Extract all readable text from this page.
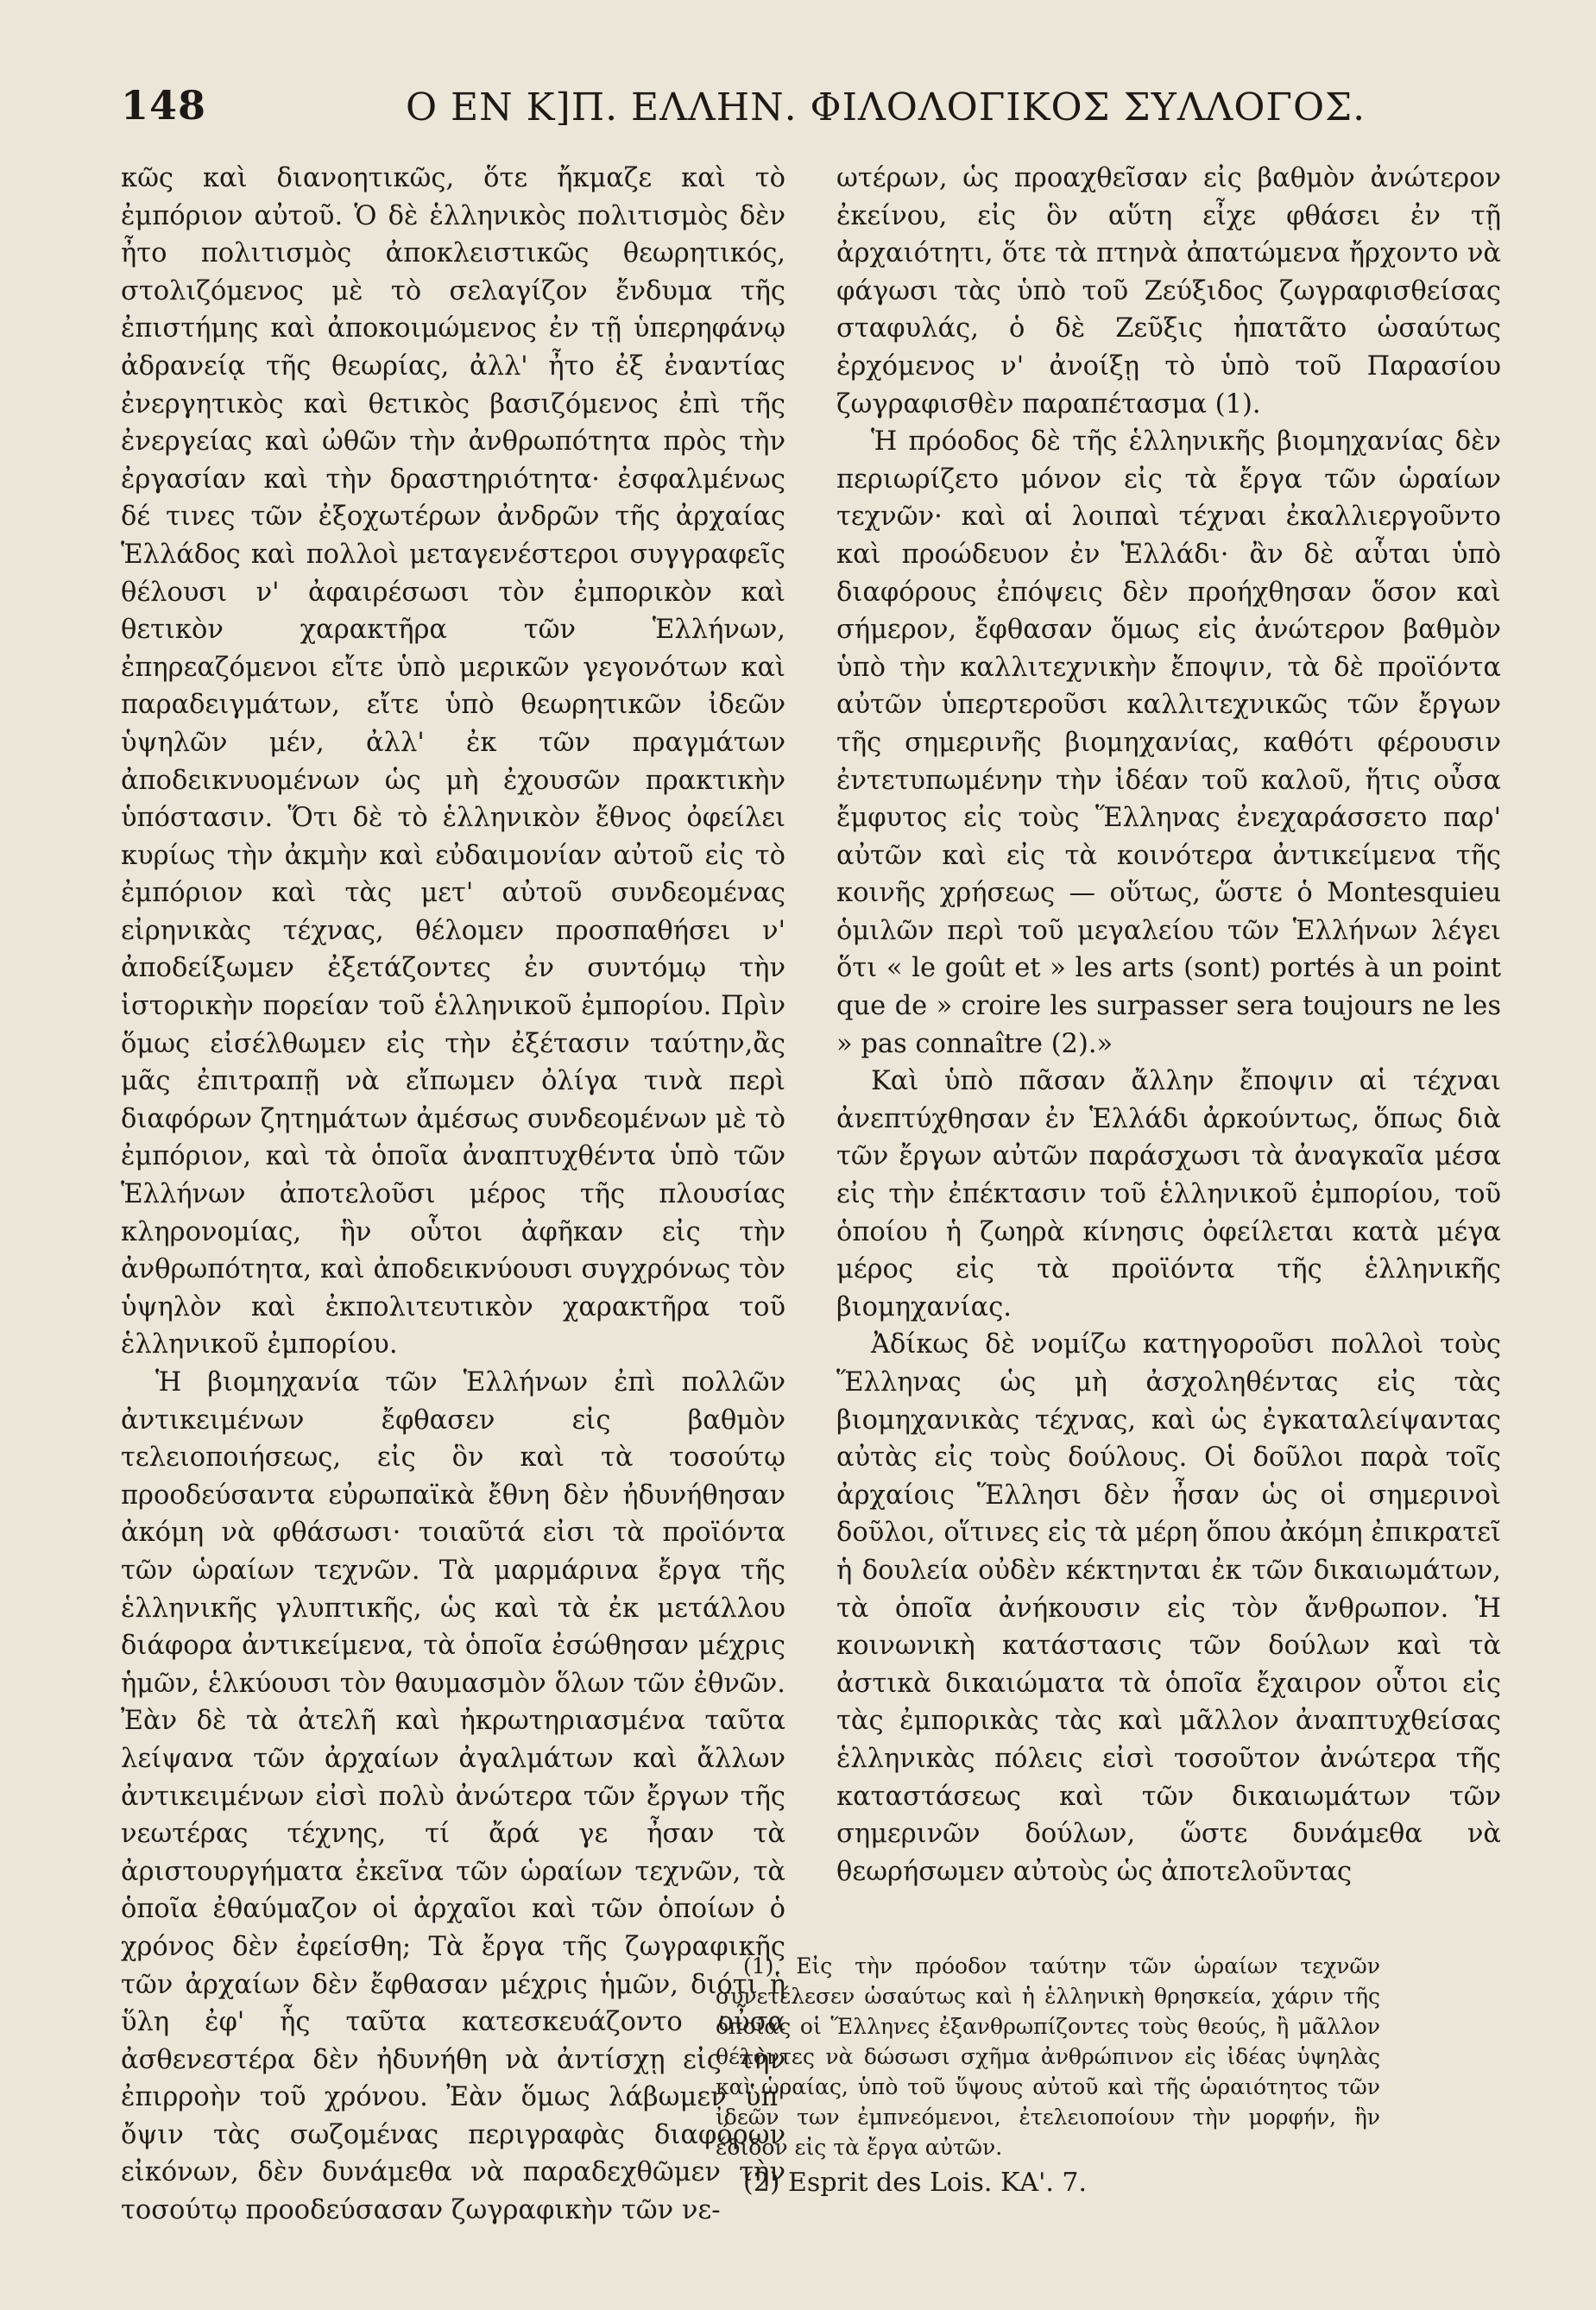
148	Ο ΕΝ Κ]Π. ΕΛΛΗΝ. ΦΙΛΟΛΟΓΙΚΟΣ ΣΥΛΛΟΓΟΣ.

κῶς καὶ διανοητικῶς, ὅτε ἤκμαζε καὶ τὸ ἐμπόριον αὐτοῦ. Ὁ δὲ ἑλληνικὸς πολιτισμὸς δὲν ἦτο πολιτισμὸς ἀποκλειστικῶς θεωρητικός, στολιζόμενος μὲ τὸ σελαγίζον ἔνδυμα τῆς ἐπιστήμης καὶ ἀποκοιμώμενος ἐν τῇ ὑπερηφάνῳ ἀδρανείᾳ τῆς θεωρίας, ἀλλ' ἦτο ἐξ ἐναντίας ἐνεργητικὸς καὶ θετικὸς βασιζόμενος ἐπὶ τῆς ἐνεργείας καὶ ὠθῶν τὴν ἀνθρωπότητα πρὸς τὴν ἐργασίαν καὶ τὴν δραστηριότητα· ἐσφαλμένως δέ τινες τῶν ἐξοχωτέρων ἀνδρῶν τῆς ἀρχαίας Ἑλλάδος καὶ πολλοὶ μεταγενέστεροι συγγραφεῖς θέλουσι ν' ἀφαιρέσωσι τὸν ἐμπορικὸν καὶ θετικὸν χαρακτῆρα τῶν Ἑλλήνων, ἐπηρεαζόμενοι εἴτε ὑπὸ μερικῶν γεγονότων καὶ παραδειγμάτων, εἴτε ὑπὸ θεωρητικῶν ἰδεῶν ὑψηλῶν μέν, ἀλλ' ἐκ τῶν πραγμάτων ἀποδεικνυομένων ὡς μὴ ἐχουσῶν πρακτικὴν ὑπόστασιν. Ὅτι δὲ τὸ ἑλληνικὸν ἔθνος ὀφείλει κυρίως τὴν ἀκμὴν καὶ εὐδαιμονίαν αὐτοῦ εἰς τὸ ἐμπόριον καὶ τὰς μετ' αὐτοῦ συνδεομένας εἰρηνικὰς τέχνας, θέλομεν προσπαθήσει ν' ἀποδείξωμεν ἐξετάζοντες ἐν συντόμῳ τὴν ἱστορικὴν πορείαν τοῦ ἑλληνικοῦ ἐμπορίου. Πρὶν ὅμως εἰσέλθωμεν εἰς τὴν ἐξέτασιν ταύτην,ἂς μᾶς ἐπιτραπῇ νὰ εἴπωμεν ὀλίγα τινὰ περὶ διαφόρων ζητημάτων ἀμέσως συνδεομένων μὲ τὸ ἐμπόριον, καὶ τὰ ὁποῖα ἀναπτυχθέντα ὑπὸ τῶν Ἑλλήνων ἀποτελοῦσι μέρος τῆς πλουσίας κληρονομίας, ἣν οὗτοι ἀφῆκαν εἰς τὴν ἀνθρωπότητα, καὶ ἀποδεικνύουσι συγχρόνως τὸν ὑψηλὸν καὶ ἐκπολιτευτικὸν χαρακτῆρα τοῦ ἑλληνικοῦ ἐμπορίου.

Ἡ βιομηχανία τῶν Ἑλλήνων ἐπὶ πολλῶν ἀντικειμένων ἔφθασεν εἰς βαθμὸν τελειοποιήσεως, εἰς ὃν καὶ τὰ τοσούτῳ προοδεύσαντα εὐρωπαϊκὰ ἔθνη δὲν ἠδυνήθησαν ἀκόμη νὰ φθάσωσι· τοιαῦτά εἰσι τὰ προϊόντα τῶν ὡραίων τεχνῶν. Τὰ μαρμάρινα ἔργα τῆς ἑλληνικῆς γλυπτικῆς, ὡς καὶ τὰ ἐκ μετάλλου διάφορα ἀντικείμενα, τὰ ὁποῖα ἐσώθησαν μέχρις ἡμῶν, ἑλκύουσι τὸν θαυμασμὸν ὅλων τῶν ἐθνῶν. Ἐὰν δὲ τὰ ἀτελῆ καὶ ἠκρωτηριασμένα ταῦτα λείψανα τῶν ἀρχαίων ἀγαλμάτων καὶ ἄλλων ἀντικειμένων εἰσὶ πολὺ ἀνώτερα τῶν ἔργων τῆς νεωτέρας τέχνης, τί ἄρά γε ἦσαν τὰ ἀριστουργήματα ἐκεῖνα τῶν ὡραίων τεχνῶν, τὰ ὁποῖα ἐθαύμαζον οἱ ἀρχαῖοι καὶ τῶν ὁποίων ὁ χρόνος δὲν ἐφείσθη; Τὰ ἔργα τῆς ζωγραφικῆς τῶν ἀρχαίων δὲν ἔφθασαν μέχρις ἡμῶν, διότι ἡ ὕλη ἐφ' ἧς ταῦτα κατεσκευάζοντο οὖσα ἀσθενεστέρα δὲν ἠδυνήθη νὰ ἀντίσχῃ εἰς τὴν ἐπιρροὴν τοῦ χρόνου. Ἐὰν ὅμως λάβωμεν ὑπ' ὄψιν τὰς σωζομένας περιγραφὰς διαφόρων εἰκόνων, δὲν δυνάμεθα νὰ παραδεχθῶμεν τὴν τοσούτῳ προοδεύσασαν ζωγραφικὴν τῶν νε-

ωτέρων, ὡς προαχθεῖσαν εἰς βαθμὸν ἀνώτερον ἐκείνου, εἰς ὃν αὕτη εἶχε φθάσει ἐν τῇ ἀρχαιότητι, ὅτε τὰ πτηνὰ ἀπατώμενα ἤρχοντο νὰ φάγωσι τὰς ὑπὸ τοῦ Ζεύξιδος ζωγραφισθείσας σταφυλάς, ὁ δὲ Ζεῦξις ἠπατᾶτο ὡσαύτως ἐρχόμενος ν' ἀνοίξῃ τὸ ὑπὸ τοῦ Παρασίου ζωγραφισθὲν παραπέτασμα (1).

Ἡ πρόοδος δὲ τῆς ἑλληνικῆς βιομηχανίας δὲν περιωρίζετο μόνον εἰς τὰ ἔργα τῶν ὡραίων τεχνῶν· καὶ αἱ λοιπαὶ τέχναι ἐκαλλιεργοῦντο καὶ προώδευον ἐν Ἑλλάδι· ἂν δὲ αὗται ὑπὸ διαφόρους ἐπόψεις δὲν προήχθησαν ὅσον καὶ σήμερον, ἔφθασαν ὅμως εἰς ἀνώτερον βαθμὸν ὑπὸ τὴν καλλιτεχνικὴν ἔποψιν, τὰ δὲ προϊόντα αὐτῶν ὑπερτεροῦσι καλλιτεχνικῶς τῶν ἔργων τῆς σημερινῆς βιομηχανίας, καθότι φέρουσιν ἐντετυπωμένην τὴν ἰδέαν τοῦ καλοῦ, ἥτις οὖσα ἔμφυτος εἰς τοὺς Ἕλληνας ἐνεχαράσσετο παρ' αὐτῶν καὶ εἰς τὰ κοινότερα ἀντικείμενα τῆς κοινῆς χρήσεως — οὕτως, ὥστε ὁ Montesquieu ὁμιλῶν περὶ τοῦ μεγαλείου τῶν Ἑλλήνων λέγει ὅτι « le goût et » les arts (sont) portés à un point que de » croire les surpasser sera toujours ne les » pas connaître (2).»

Καὶ ὑπὸ πᾶσαν ἄλλην ἔποψιν αἱ τέχναι ἀνεπτύχθησαν ἐν Ἑλλάδι ἀρκούντως, ὅπως διὰ τῶν ἔργων αὐτῶν παράσχωσι τὰ ἀναγκαῖα μέσα εἰς τὴν ἐπέκτασιν τοῦ ἑλληνικοῦ ἐμπορίου, τοῦ ὁποίου ἡ ζωηρὰ κίνησις ὀφείλεται κατὰ μέγα μέρος εἰς τὰ προϊόντα τῆς ἑλληνικῆς βιομηχανίας.

Ἀδίκως δὲ νομίζω κατηγοροῦσι πολλοὶ τοὺς Ἕλληνας ὡς μὴ ἀσχοληθέντας εἰς τὰς βιομηχανικὰς τέχνας, καὶ ὡς ἐγκαταλείψαντας αὐτὰς εἰς τοὺς δούλους. Οἱ δοῦλοι παρὰ τοῖς ἀρχαίοις Ἕλλησι δὲν ἦσαν ὡς οἱ σημερινοὶ δοῦλοι, οἵτινες εἰς τὰ μέρη ὅπου ἀκόμη ἐπικρατεῖ ἡ δουλεία οὐδὲν κέκτηνται ἐκ τῶν δικαιωμάτων, τὰ ὁποῖα ἀνήκουσιν εἰς τὸν ἄνθρωπον. Ἡ κοινωνικὴ κατάστασις τῶν δούλων καὶ τὰ ἀστικὰ δικαιώματα τὰ ὁποῖα ἔχαιρον οὗτοι εἰς τὰς ἐμπορικὰς τὰς καὶ μᾶλλον ἀναπτυχθείσας ἑλληνικὰς πόλεις εἰσὶ τοσοῦτον ἀνώτερα τῆς καταστάσεως καὶ τῶν δικαιωμάτων τῶν σημερινῶν δούλων, ὥστε δυνάμεθα νὰ θεωρήσωμεν αὐτοὺς ὡς ἀποτελοῦντας

(1) Εἰς τὴν πρόοδον ταύτην τῶν ὡραίων τεχνῶν συνετέλεσεν ὡσαύτως καὶ ἡ ἑλληνικὴ θρησκεία, χάριν τῆς ὁποίας οἱ Ἕλληνες ἐξανθρωπίζοντες τοὺς θεούς, ἢ μᾶλλον θέλοντες νὰ δώσωσι σχῆμα ἀνθρώπινον εἰς ἰδέας ὑψηλὰς καὶ ὡραίας, ὑπὸ τοῦ ὕψους αὐτοῦ καὶ τῆς ὡραιότητος τῶν ἰδεῶν των ἐμπνεόμενοι, ἐτελειοποίουν τὴν μορφήν, ἣν ἔδιδον εἰς τὰ ἔργα αὐτῶν.

(2) Esprit des Lois. ΚΑ'. 7.
